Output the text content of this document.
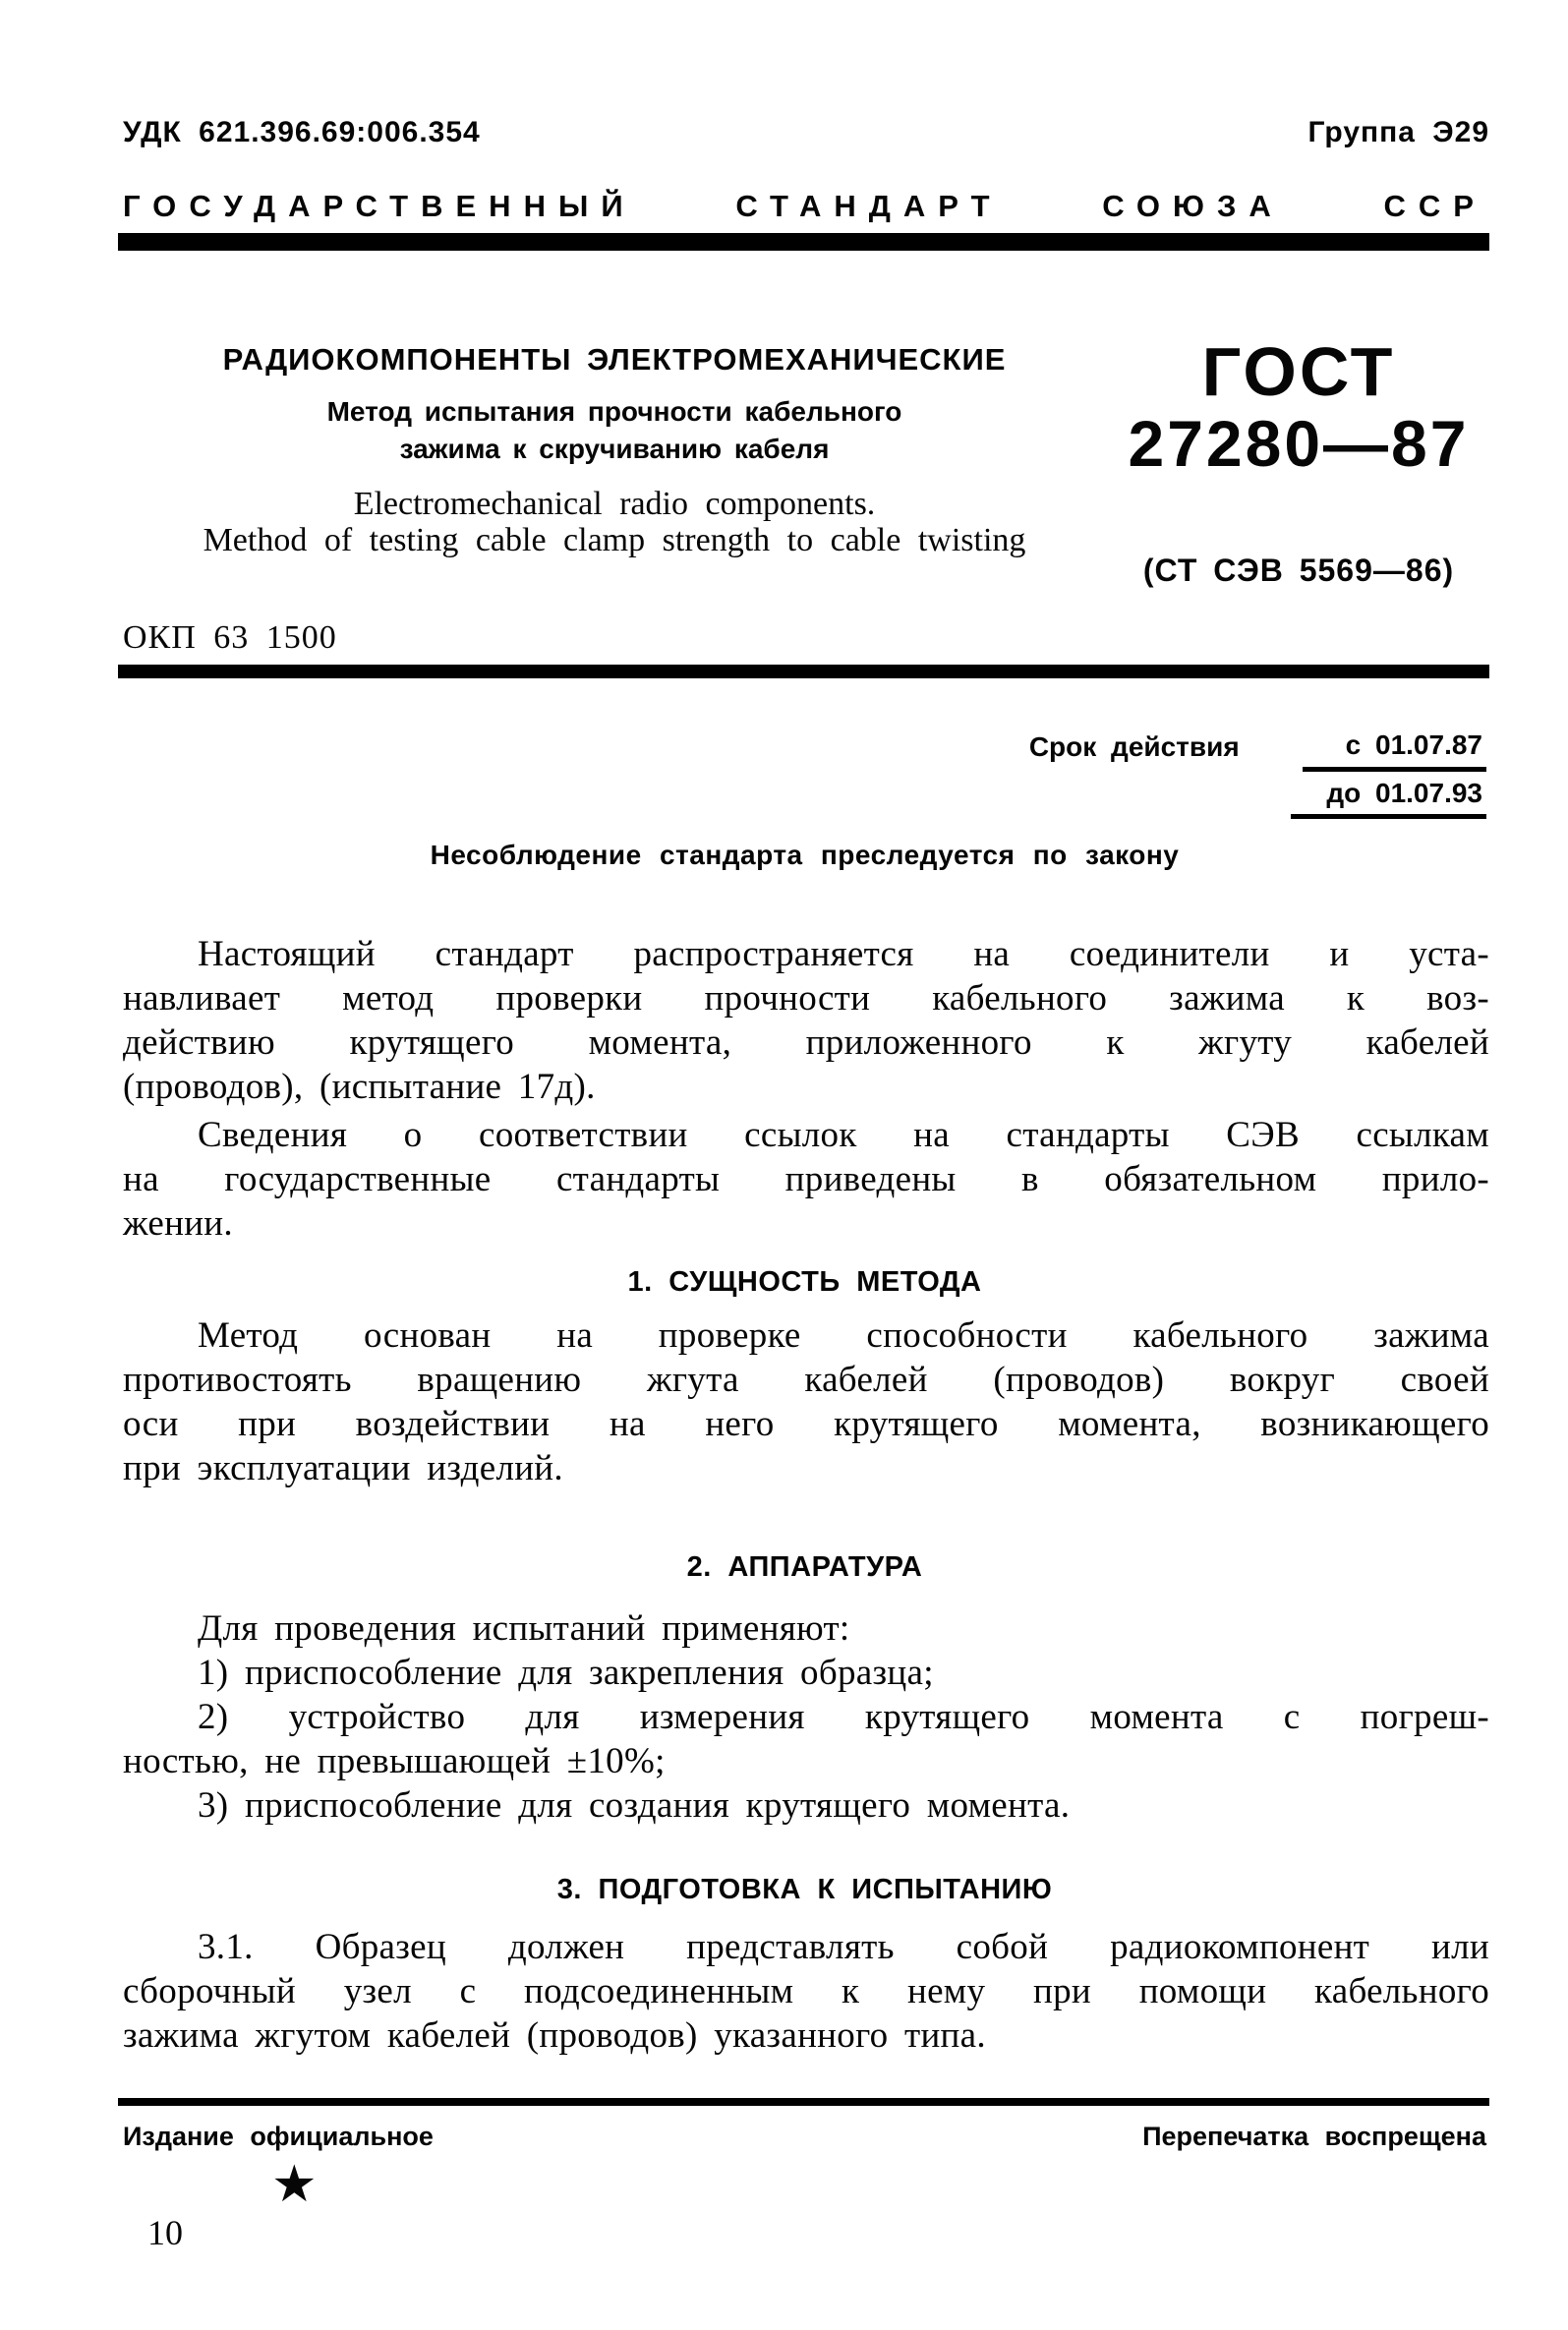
УДК 621.396.69:006.354	Группа Э29
ГОСУДАРСТВЕННЫЙ СТАНДАРТ СОЮЗА ССР
РАДИОКОМПОНЕНТЫ ЭЛЕКТРОМЕХАНИЧЕСКИЕ
Метод испытания прочности кабельного
зажима к скручиванию кабеля
Electromechanical radio components.
Method of testing cable clamp strength to cable twisting
ГОСТ
27280—87
(СТ СЭВ 5569—86)
ОКП 63 1500
Срок действия	с 01.07.87
до 01.07.93
Несоблюдение стандарта преследуется по закону
Настоящий стандарт распространяется на соединители и уста-
навливает метод проверки прочности кабельного зажима к воз-
действию крутящего момента, приложенного к жгуту кабелей
(проводов), (испытание 17д).
Сведения о соответствии ссылок на стандарты СЭВ ссылкам
на государственные стандарты приведены в обязательном прило-
жении.
1. СУЩНОСТЬ МЕТОДА
Метод основан на проверке способности кабельного зажима
противостоять вращению жгута кабелей (проводов) вокруг своей
оси при воздействии на него крутящего момента, возникающего
при эксплуатации изделий.
2. АППАРАТУРА
Для проведения испытаний применяют:
1) приспособление для закрепления образца;
2) устройство для измерения крутящего момента с погреш-
ностью, не превышающей ±10%;
3) приспособление для создания крутящего момента.
3. ПОДГОТОВКА К ИСПЫТАНИЮ
3.1. Образец должен представлять собой радиокомпонент или
сборочный узел с подсоединенным к нему при помощи кабельного
зажима жгутом кабелей (проводов) указанного типа.
Издание официальное	Перепечатка воспрещена
★
10
